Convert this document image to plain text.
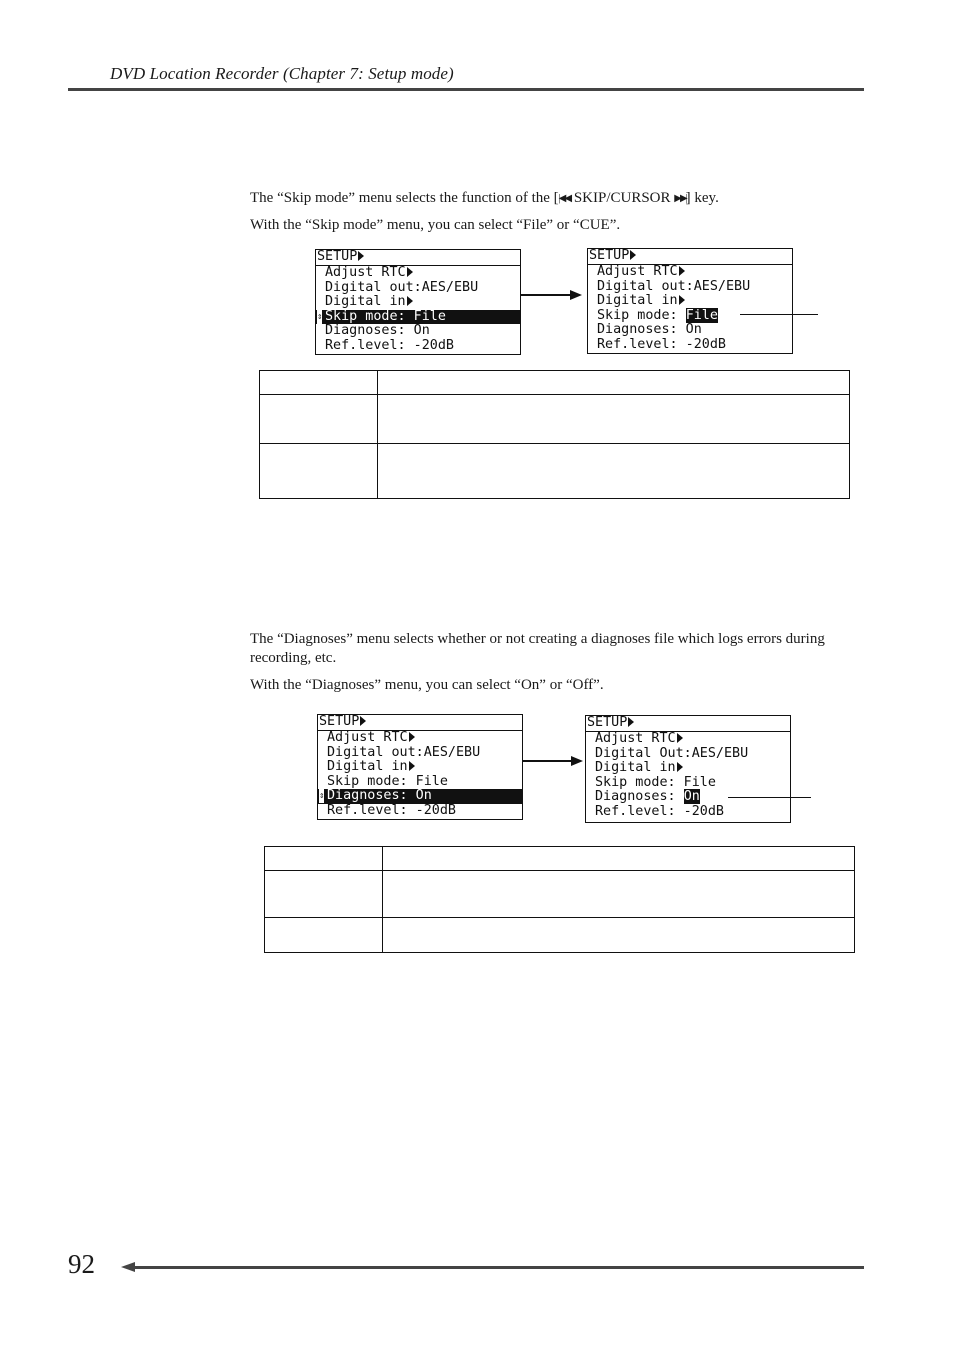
DVD Location Recorder (Chapter 7: Setup mode)
The “Skip mode” menu selects the function of the [|◀◀ SKIP/CURSOR ▶▶|] key.
With the “Skip mode” menu, you can select “File” or “CUE”.
SETUP
Adjust RTC
Digital out:AES/EBU
Digital in
⇕ Skip mode: File
Diagnoses: On
Ref.level: -20dB
SETUP
Adjust RTC
Digital out:AES/EBU
Digital in
Skip mode: File
Diagnoses: On
Ref.level: -20dB

The “Diagnoses” menu selects whether or not creating a diagnoses file which logs errors during recording, etc.
With the “Diagnoses” menu, you can select “On” or “Off”.
SETUP
Adjust RTC
Digital out:AES/EBU
Digital in
Skip mode: File
⇕ Diagnoses: On
Ref.level: -20dB
SETUP
Adjust RTC
Digital Out:AES/EBU
Digital in
Skip mode: File
Diagnoses: On
Ref.level: -20dB

92
